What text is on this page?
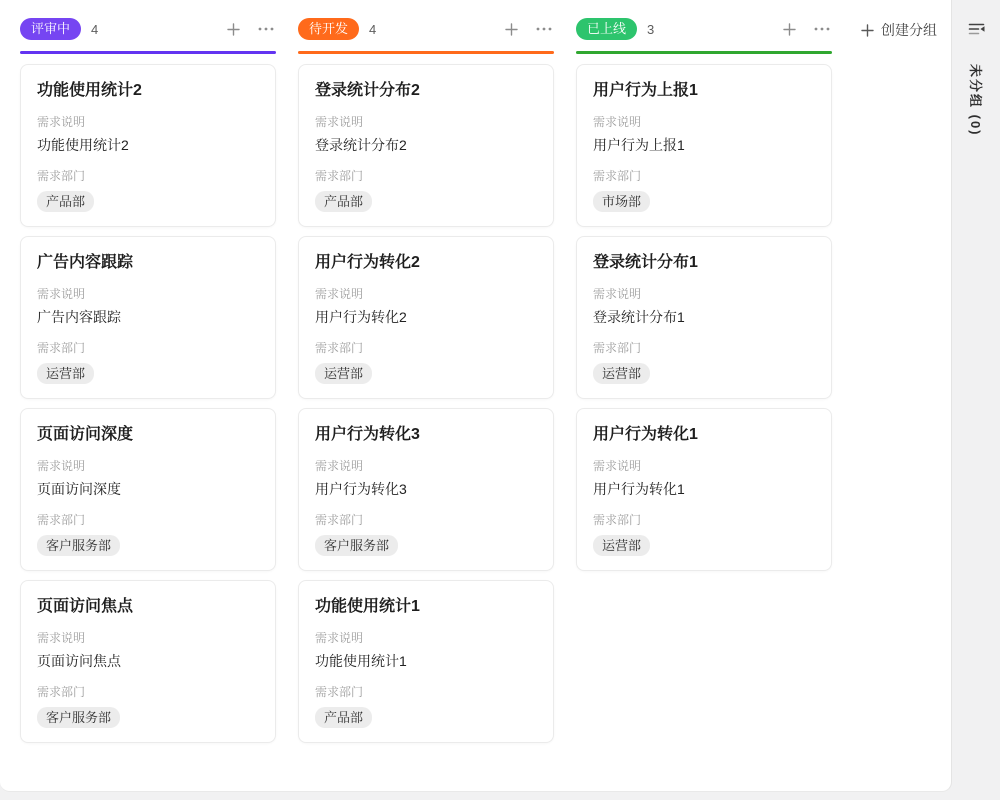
评审中	4
功能使用统计2
需求说明
功能使用统计2
需求部门
产品部
广告内容跟踪
需求说明
广告内容跟踪
需求部门
运营部
页面访问深度
需求说明
页面访问深度
需求部门
客户服务部
页面访问焦点
需求说明
页面访问焦点
需求部门
客户服务部
待开发	4
登录统计分布2
需求说明
登录统计分布2
需求部门
产品部
用户行为转化2
需求说明
用户行为转化2
需求部门
运营部
用户行为转化3
需求说明
用户行为转化3
需求部门
客户服务部
功能使用统计1
需求说明
功能使用统计1
需求部门
产品部
已上线	3
用户行为上报1
需求说明
用户行为上报1
需求部门
市场部
登录统计分布1
需求说明
登录统计分布1
需求部门
运营部
用户行为转化1
需求说明
用户行为转化1
需求部门
运营部
创建分组
未分组 (0)
